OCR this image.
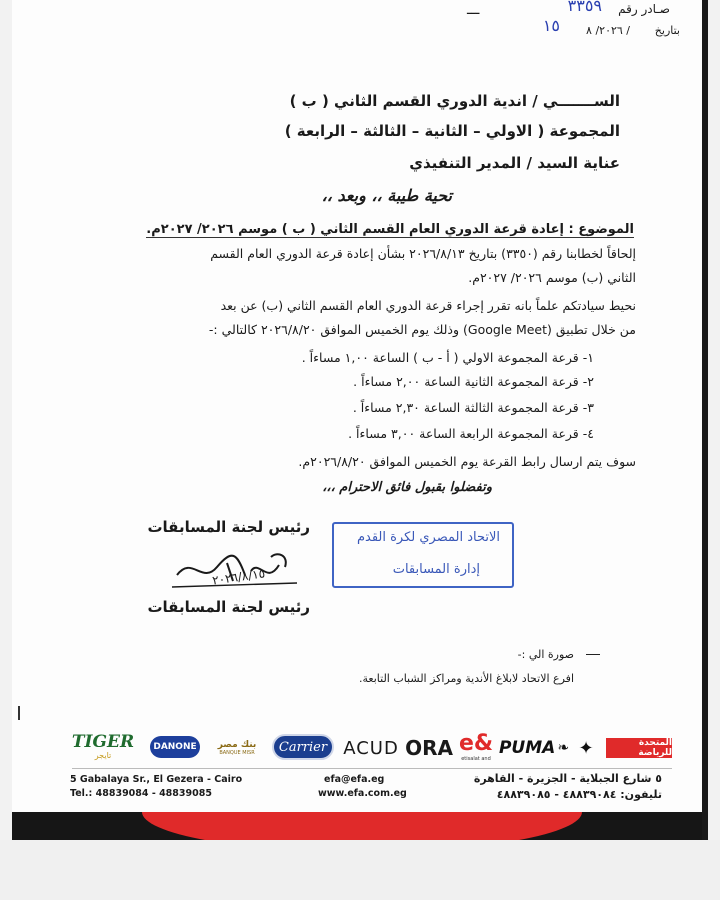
صـادر رقم
٣٣٥٩
ـــ
بتاريخ
١٥ ٢٠٢٦/ ٨ /
الســـــــي / اندية الدوري القسم الثاني ( ب )
المجموعة ( الاولي – الثانية – الثالثة – الرابعة )
عناية السيد / المدير التنفيذي
تحية طيبة ،، وبعد ،،
الموضوع : إعادة قرعة الدوري العام القسم الثاني ( ب ) موسم ٢٠٢٦/ ٢٠٢٧م.
إلحاقاً لخطابنا رقم (٣٣٥٠) بتاريخ ٢٠٢٦/٨/١٣ بشأن إعادة قرعة الدوري العام القسم
الثاني (ب) موسم ٢٠٢٦/ ٢٠٢٧م.
نحيط سيادتكم علماً بانه تقرر إجراء قرعة الدوري العام القسم الثاني (ب) عن بعد
من خلال تطبيق (Google Meet) وذلك يوم الخميس الموافق ٢٠٢٦/٨/٢٠ كالتالي :-
١- قرعة المجموعة الاولي ( أ - ب ) الساعة ١,٠٠ مساءاً .
٢- قرعة المجموعة الثانية الساعة ٢,٠٠ مساءاً .
٣- قرعة المجموعة الثالثة الساعة ٢,٣٠ مساءاً .
٤- قرعة المجموعة الرابعة الساعة ٣,٠٠ مساءاً .
سوف يتم ارسال رابط القرعة يوم الخميس الموافق ٢٠٢٦/٨/٢٠م.
وتفضلوا بقبول فائق الاحترام ،،،
رئيس لجنة المسابقات
٢٠٢٦/٨/١٥
رئيس لجنة المسابقات
الاتحاد المصري لكرة القدم
إدارة المسابقات
صورة الي :-
افرع الاتحاد لابلاغ الأندية ومراكز الشباب التابعة.
TIGER
تايجر
DANONE	بنك مصر
BANQUE MISR	Carrier ACUD ORA e&
etisalat and
PUMA ❧ ✦	المتحدة للرياضة
5 Gabalaya Sr., El Gezera - Cairo
Tel.: 48839084 - 48839085
efa@efa.eg
www.efa.com.eg
٥ شارع الجبلاية - الجزيرة - القاهرة
تليفون: ٤٨٨٣٩٠٨٤ - ٤٨٨٣٩٠٨٥
